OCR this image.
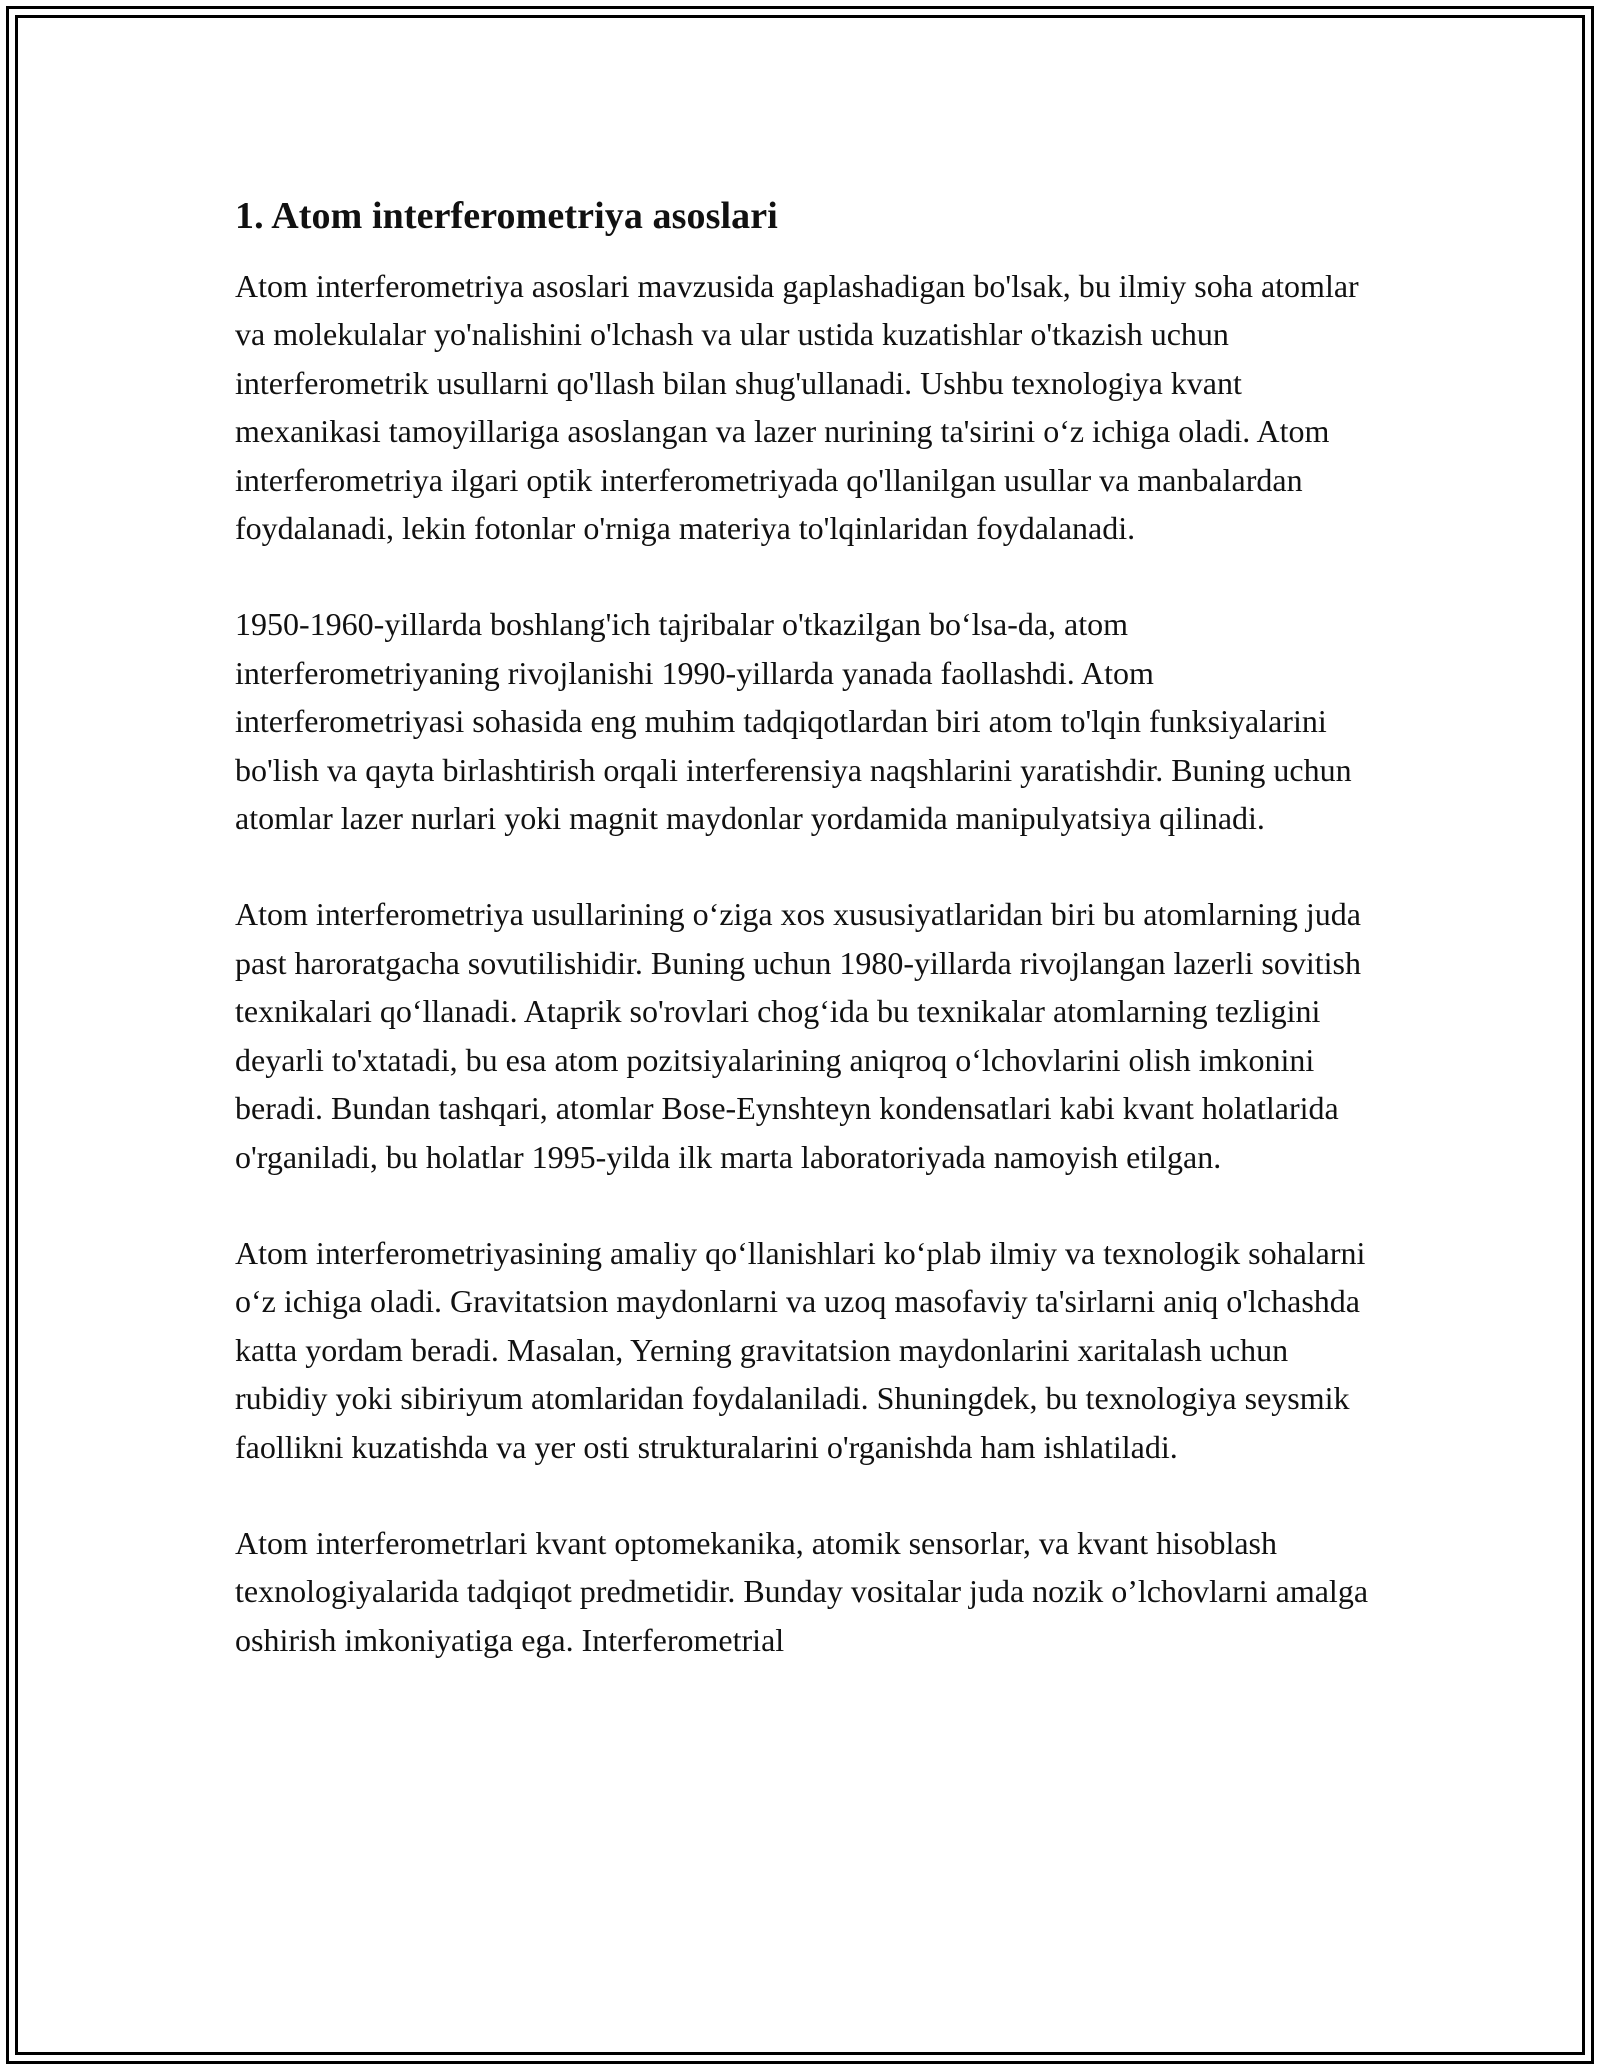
1. Atom interferometriya asoslari

Atom interferometriya asoslari mavzusida gaplashadigan bo'lsak, bu ilmiy soha atomlar va molekulalar yo'nalishini o'lchash va ular ustida kuzatishlar o'tkazish uchun interferometrik usullarni qo'llash bilan shug'ullanadi. Ushbu texnologiya kvant mexanikasi tamoyillariga asoslangan va lazer nurining ta'sirini oʻz ichiga oladi. Atom interferometriya ilgari optik interferometriyada qo'llanilgan usullar va manbalardan foydalanadi, lekin fotonlar o'rniga materiya to'lqinlaridan foydalanadi.

1950-1960-yillarda boshlang'ich tajribalar o'tkazilgan boʻlsa-da, atom interferometriyaning rivojlanishi 1990-yillarda yanada faollashdi. Atom interferometriyasi sohasida eng muhim tadqiqotlardan biri atom to'lqin funksiyalarini bo'lish va qayta birlashtirish orqali interferensiya naqshlarini yaratishdir. Buning uchun atomlar lazer nurlari yoki magnit maydonlar yordamida manipulyatsiya qilinadi.

Atom interferometriya usullarining oʻziga xos xususiyatlaridan biri bu atomlarning juda past haroratgacha sovutilishidir. Buning uchun 1980-yillarda rivojlangan lazerli sovitish texnikalari qoʻllanadi. Ataprik so'rovlari chogʻida bu texnikalar atomlarning tezligini deyarli to'xtatadi, bu esa atom pozitsiyalarining aniqroq oʻlchovlarini olish imkonini beradi. Bundan tashqari, atomlar Bose-Eynshteyn kondensatlari kabi kvant holatlarida o'rganiladi, bu holatlar 1995-yilda ilk marta laboratoriyada namoyish etilgan.

Atom interferometriyasining amaliy qoʻllanishlari koʻplab ilmiy va texnologik sohalarni oʻz ichiga oladi. Gravitatsion maydonlarni va uzoq masofaviy ta'sirlarni aniq o'lchashda katta yordam beradi. Masalan, Yerning gravitatsion maydonlarini xaritalash uchun rubidiy yoki sibiriyum atomlaridan foydalaniladi. Shuningdek, bu texnologiya seysmik faollikni kuzatishda va yer osti strukturalarini o'rganishda ham ishlatiladi.

Atom interferometrlari kvant optomekanika, atomik sensorlar, va kvant hisoblash texnologiyalarida tadqiqot predmetidir. Bunday vositalar juda nozik o’lchovlarni amalga oshirish imkoniyatiga ega. Interferometrial
